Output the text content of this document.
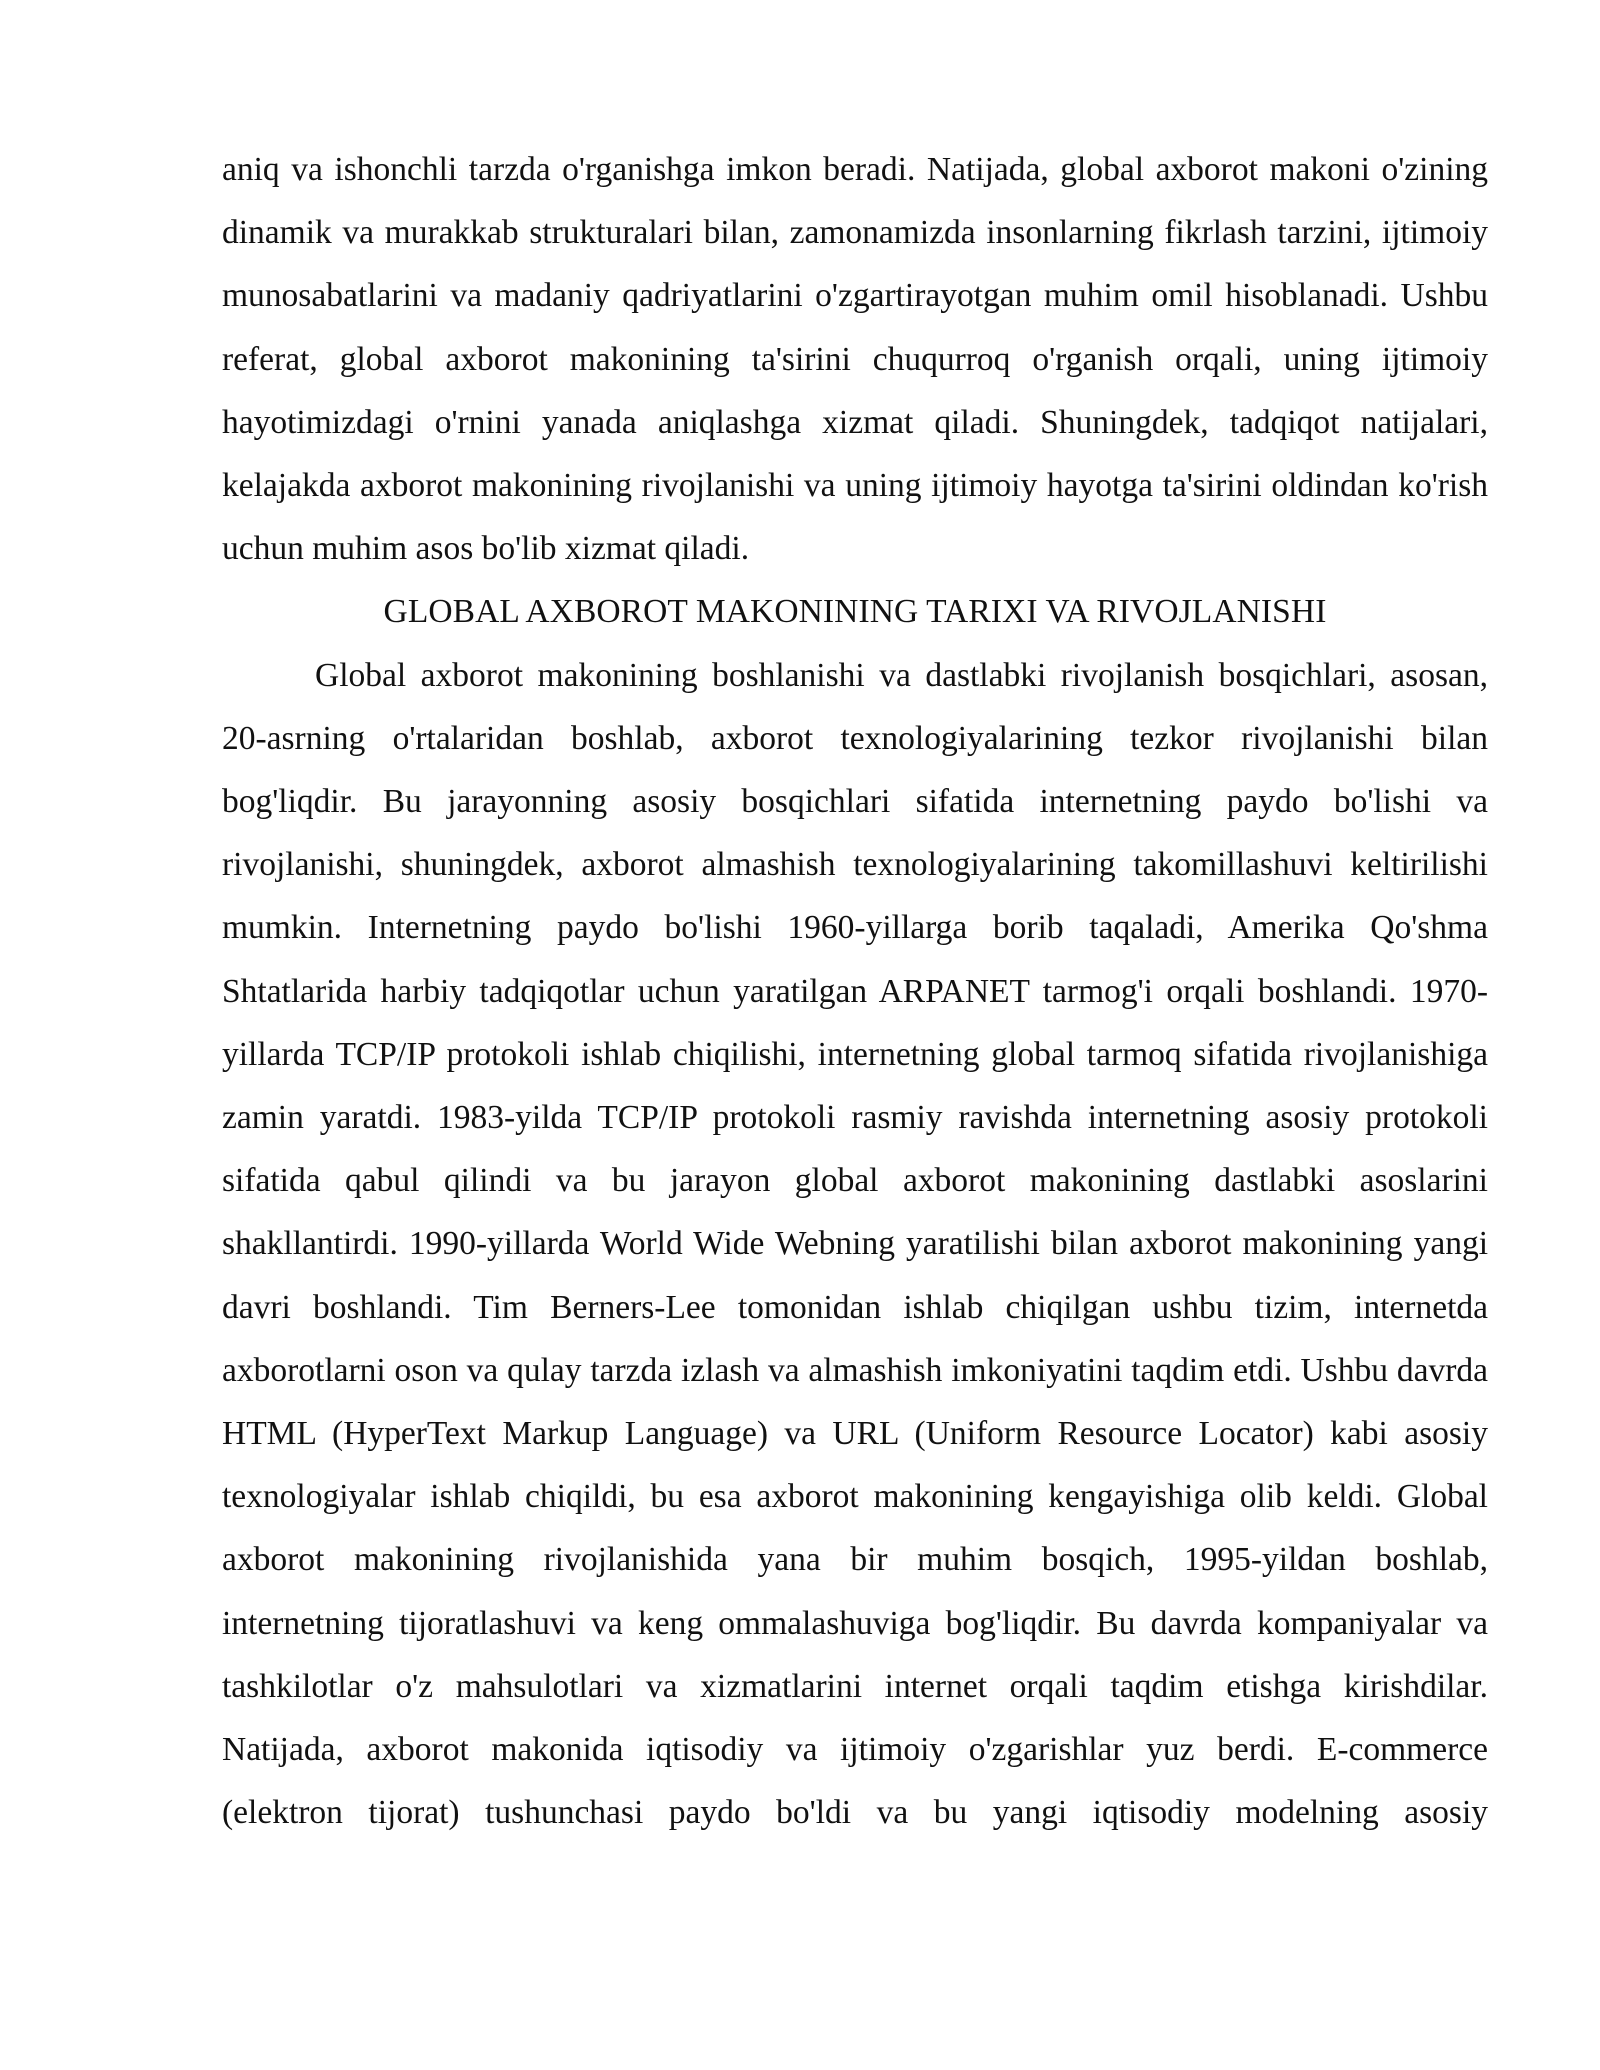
aniq va ishonchli tarzda o'rganishga imkon beradi. Natijada, global axborot makoni o'zining dinamik va murakkab strukturalari bilan, zamonamizda insonlarning fikrlash tarzini, ijtimoiy munosabatlarini va madaniy qadriyatlarini o'zgartirayotgan muhim omil hisoblanadi. Ushbu referat, global axborot makonining ta'sirini chuqurroq o'rganish orqali, uning ijtimoiy hayotimizdagi o'rnini yanada aniqlashga xizmat qiladi. Shuningdek, tadqiqot natijalari, kelajakda axborot makonining rivojlanishi va uning ijtimoiy hayotga ta'sirini oldindan ko'rish uchun muhim asos bo'lib xizmat qiladi.

GLOBAL AXBOROT MAKONINING TARIXI VA RIVOJLANISHI

Global axborot makonining boshlanishi va dastlabki rivojlanish bosqichlari, asosan, 20-asrning o'rtalaridan boshlab, axborot texnologiyalarining tezkor rivojlanishi bilan bog'liqdir. Bu jarayonning asosiy bosqichlari sifatida internetning paydo bo'lishi va rivojlanishi, shuningdek, axborot almashish texnologiyalarining takomillashuvi keltirilishi mumkin. Internetning paydo bo'lishi 1960-yillarga borib taqaladi, Amerika Qo'shma Shtatlarida harbiy tadqiqotlar uchun yaratilgan ARPANET tarmog'i orqali boshlandi. 1970-yillarda TCP/IP protokoli ishlab chiqilishi, internetning global tarmoq sifatida rivojlanishiga zamin yaratdi. 1983-yilda TCP/IP protokoli rasmiy ravishda internetning asosiy protokoli sifatida qabul qilindi va bu jarayon global axborot makonining dastlabki asoslarini shakllantirdi. 1990-yillarda World Wide Webning yaratilishi bilan axborot makonining yangi davri boshlandi. Tim Berners-Lee tomonidan ishlab chiqilgan ushbu tizim, internetda axborotlarni oson va qulay tarzda izlash va almashish imkoniyatini taqdim etdi. Ushbu davrda HTML (HyperText Markup Language) va URL (Uniform Resource Locator) kabi asosiy texnologiyalar ishlab chiqildi, bu esa axborot makonining kengayishiga olib keldi. Global axborot makonining rivojlanishida yana bir muhim bosqich, 1995-yildan boshlab, internetning tijoratlashuvi va keng ommalashuviga bog'liqdir. Bu davrda kompaniyalar va tashkilotlar o'z mahsulotlari va xizmatlarini internet orqali taqdim etishga kirishdilar. Natijada, axborot makonida iqtisodiy va ijtimoiy o'zgarishlar yuz berdi. E-commerce (elektron tijorat) tushunchasi paydo bo'ldi va bu yangi iqtisodiy modelning asosiy
